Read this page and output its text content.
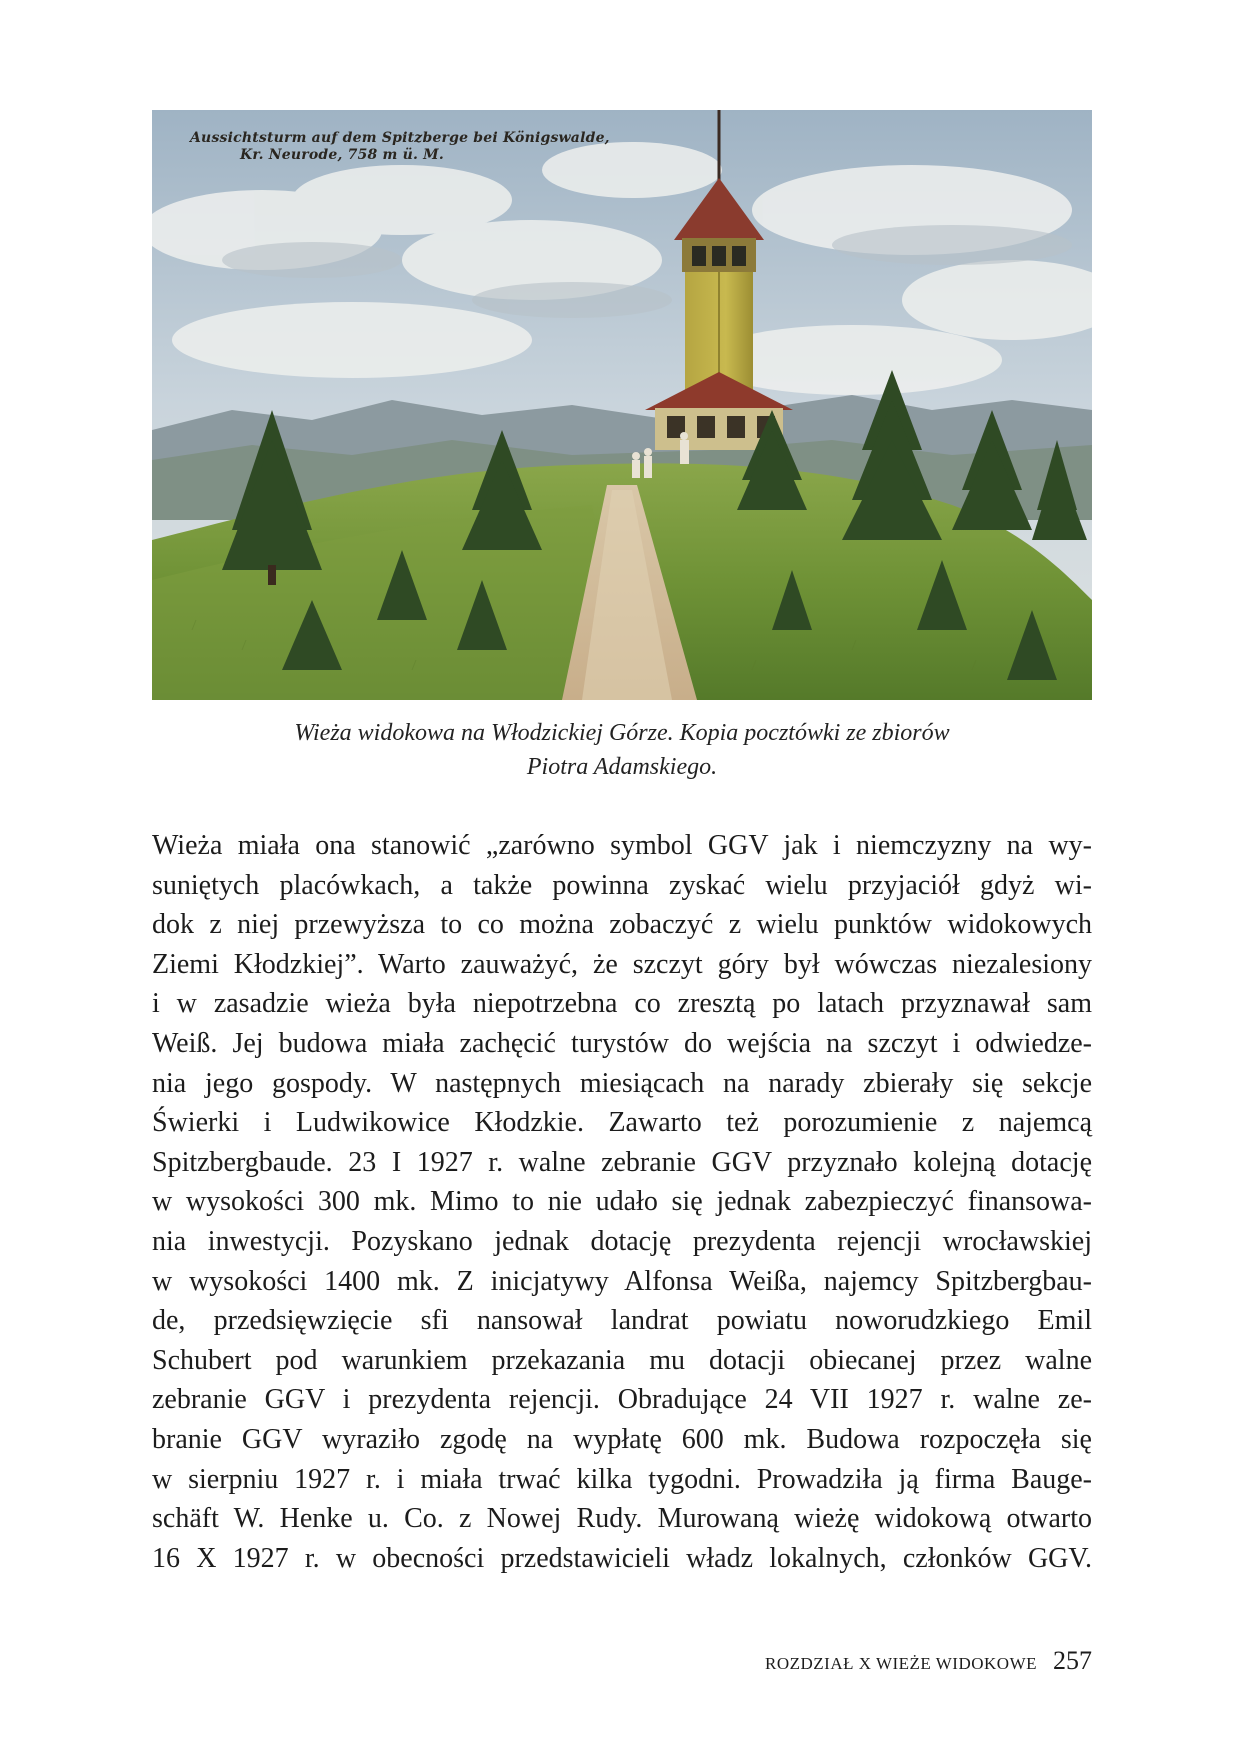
Aussichtsturm auf dem Spitzberge bei Königswalde,
Kr. Neurode, 758 m ü. M.
Wieża widokowa na Włodzickiej Górze. Kopia pocztówki ze zbiorów
Piotra Adamskiego.
Wieża miała ona stanowić „zarówno symbol GGV jak i niemczyzny na wy-
suniętych placówkach, a także powinna zyskać wielu przyjaciół gdyż wi-
dok z niej przewyższa to co można zobaczyć z wielu punktów widokowych
Ziemi Kłodzkiej”. Warto zauważyć, że szczyt góry był wówczas niezalesiony
i w zasadzie wieża była niepotrzebna co zresztą po latach przyznawał sam
Weiß. Jej budowa miała zachęcić turystów do wejścia na szczyt i odwiedze-
nia jego gospody. W następnych miesiącach na narady zbierały się sekcje
Świerki i Ludwikowice Kłodzkie. Zawarto też porozumienie z najemcą
Spitzbergbaude. 23 I 1927 r. walne zebranie GGV przyznało kolejną dotację
w wysokości 300 mk. Mimo to nie udało się jednak zabezpieczyć finansowa-
nia inwestycji. Pozyskano jednak dotację prezydenta rejencji wrocławskiej
w wysokości 1400 mk. Z inicjatywy Alfonsa Weißa, najemcy Spitzbergbau-
de, przedsięwzięcie sfi nansował landrat powiatu noworudzkiego Emil
Schubert pod warunkiem przekazania mu dotacji obiecanej przez walne
zebranie GGV i prezydenta rejencji. Obradujące 24 VII 1927 r. walne ze-
branie GGV wyraziło zgodę na wypłatę 600 mk. Budowa rozpoczęła się
w sierpniu 1927 r. i miała trwać kilka tygodni. Prowadziła ją firma Bauge-
schäft W. Henke u. Co. z Nowej Rudy. Murowaną wieżę widokową otwarto
16 X 1927 r. w obecności przedstawicieli władz lokalnych, członków GGV.
ROZDZIAŁ X WIEŻE WIDOKOWE 257
